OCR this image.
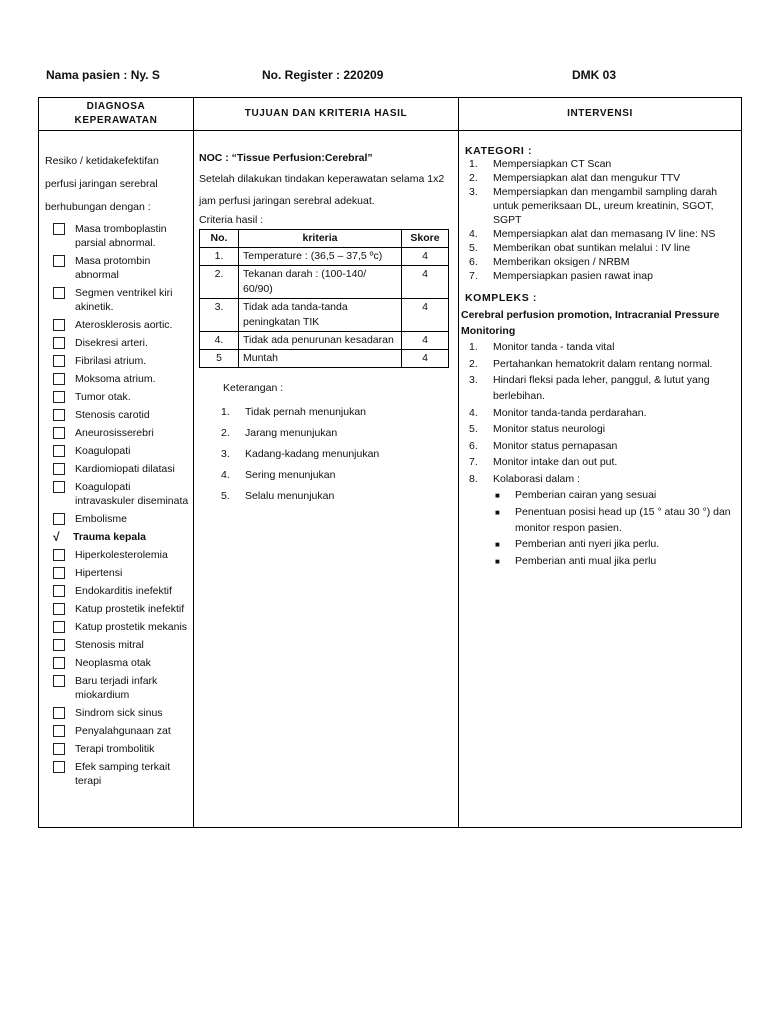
Nama pasien : Ny. S	No. Register : 220209	DMK 03
DIAGNOSA
KEPERAWATAN
TUJUAN DAN KRITERIA HASIL	INTERVENSI
Resiko / ketidakefektifan
perfusi jaringan serebral
berhubungan dengan :
Masa tromboplastin parsial abnormal.
Masa protombin abnormal
Segmen ventrikel kiri akinetik.
Aterosklerosis aortic.
Disekresi arteri.
Fibrilasi atrium.
Moksoma atrium.
Tumor otak.
Stenosis carotid
Aneurosisserebri
Koagulopati
Kardiomiopati dilatasi
Koagulopati intravaskuler diseminata
Embolisme
√	Trauma kepala
Hiperkolesterolemia
Hipertensi
Endokarditis inefektif
Katup prostetik inefektif
Katup prostetik mekanis
Stenosis mitral
Neoplasma otak
Baru terjadi infark miokardium
Sindrom sick sinus
Penyalahgunaan zat
Terapi trombolitik
Efek samping terkait terapi

NOC : “Tissue Perfusion:Cerebral”

Setelah dilakukan tindakan keperawatan selama 1x2 jam perfusi jaringan serebral adekuat.

Criteria hasil :

No.	kriteria	Skore
1.	Temperature : (36,5 – 37,5 ºc)	4
2.	Tekanan darah : (100-140/ 60/90)	4
3.	Tidak ada tanda-tanda peningkatan TIK	4
4.	Tidak ada penurunan kesadaran	4
5	Muntah	4
Keterangan :
1.	Tidak pernah menunjukan
2.	Jarang menunjukan
3.	Kadang-kadang menunjukan
4.	Sering menunjukan
5.	Selalu menunjukan
KATEGORI :
1.	Mempersiapkan CT Scan
2.	Mempersiapkan alat dan mengukur TTV
3.	Mempersiapkan dan mengambil sampling darah untuk pemeriksaan DL, ureum kreatinin, SGOT, SGPT
4.	Mempersiapkan alat dan memasang IV line: NS
5.	Memberikan obat suntikan melalui : IV line
6.	Memberikan oksigen / NRBM
7.	Mempersiapkan pasien rawat inap
KOMPLEKS :
Cerebral perfusion promotion, Intracranial Pressure Monitoring
1.	Monitor tanda - tanda vital
2.	Pertahankan hematokrit dalam rentang normal.
3.	Hindari fleksi pada leher, panggul, & lutut yang berlebihan.
4.	Monitor tanda-tanda perdarahan.
5.	Monitor status neurologi
6.	Monitor status pernapasan
7.	Monitor intake dan out put.
8.	Kolaborasi dalam :
■	Pemberian cairan yang sesuai
■	Penentuan posisi head up (15 ° atau 30 °) dan monitor respon pasien.
■	Pemberian anti nyeri jika perlu.
■	Pemberian anti mual jika perlu
